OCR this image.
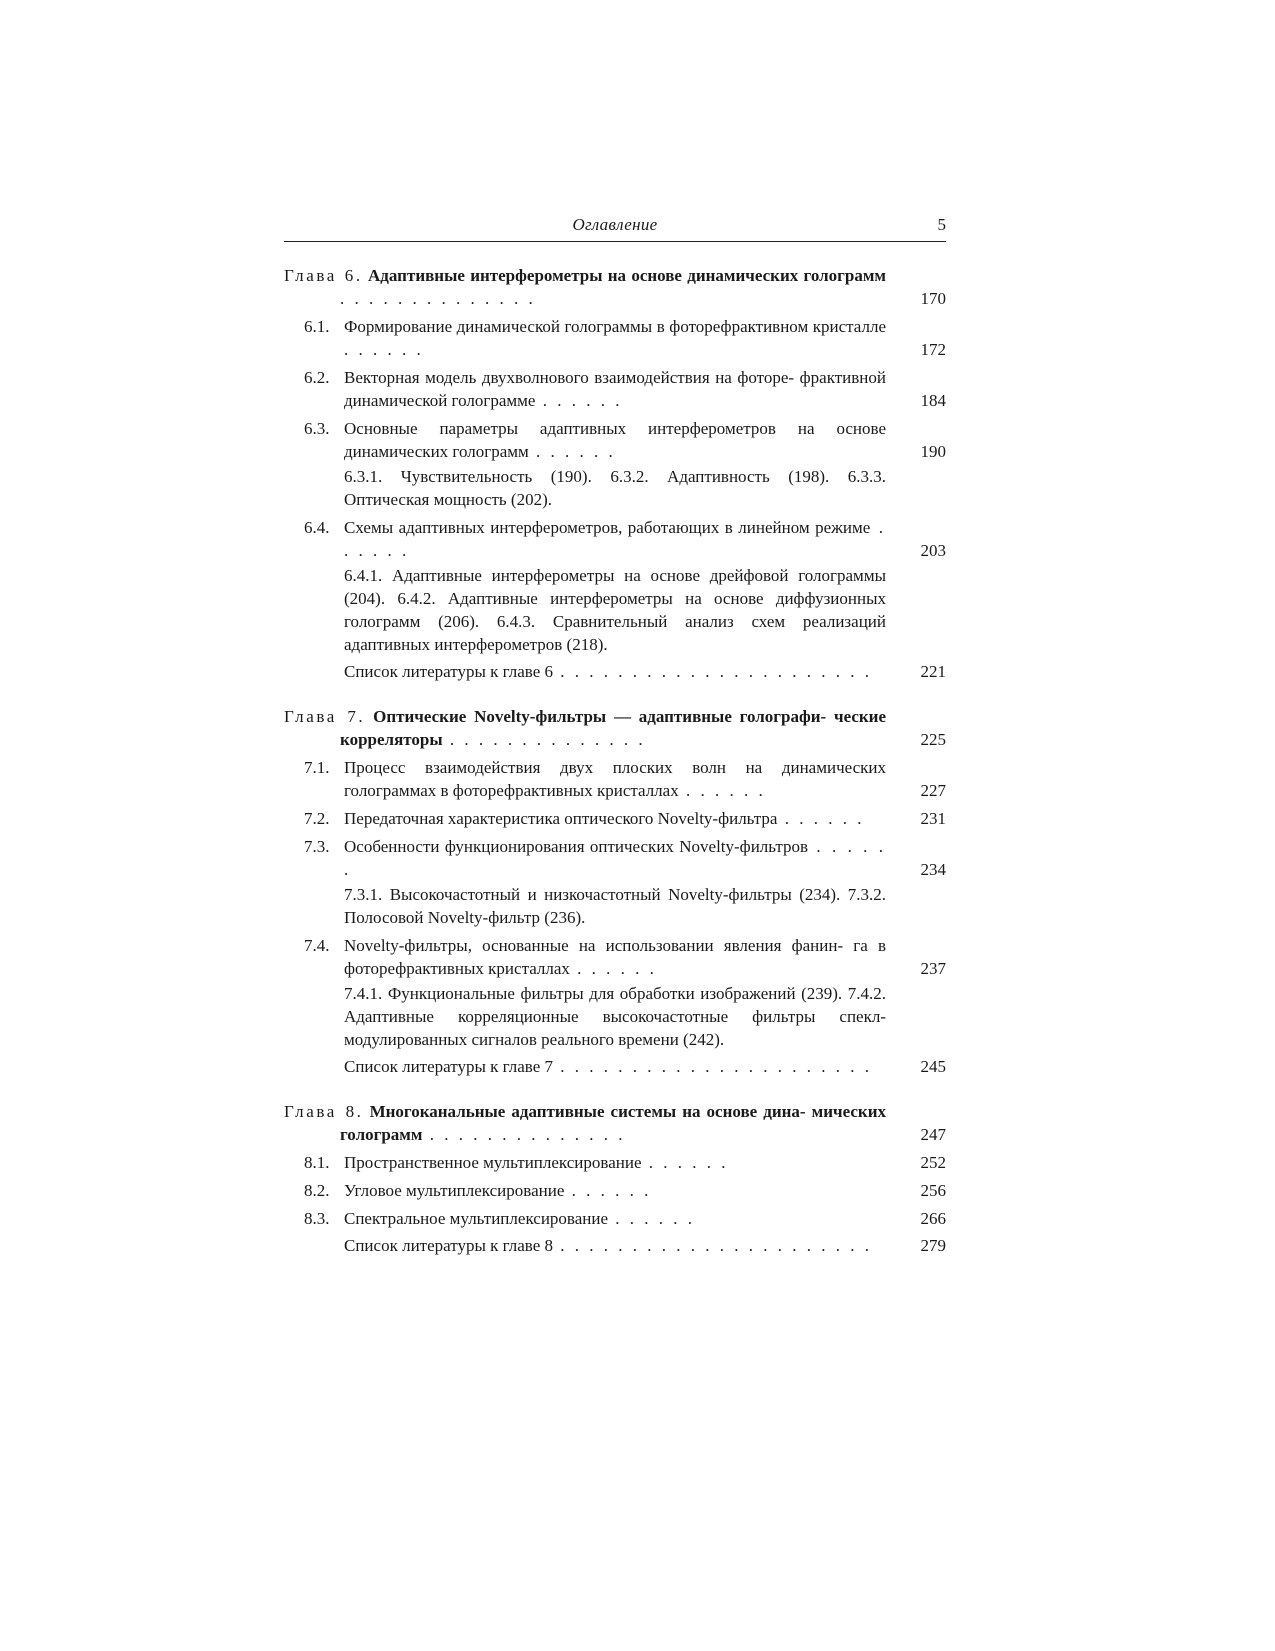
Оглавление	5
Глава 6. Адаптивные интерферометры на основе динамических голограмм . . . . . . . . . . . . . .	170
6.1. Формирование динамической голограммы в фоторефрактивном кристалле . . . . . .	172
6.2. Векторная модель двухволнового взаимодействия на фоторе- фрактивной динамической голограмме . . . . . .	184
6.3. Основные параметры адаптивных интерферометров на основе динамических голограмм . . . . . .	190
6.3.1. Чувствительность (190). 6.3.2. Адаптивность (198). 6.3.3. Оптическая мощность (202).
6.4. Схемы адаптивных интерферометров, работающих в линейном режиме . . . . . .	203
6.4.1. Адаптивные интерферометры на основе дрейфовой голограммы (204). 6.4.2. Адаптивные интерферометры на основе диффузионных голограмм (206). 6.4.3. Сравнительный анализ схем реализаций адаптивных интерферометров (218).
Список литературы к главе 6 . . . . . . . . . . . . . . . . . . . . . .	221
Глава 7. Оптические Novelty-фильтры — адаптивные голографи- ческие корреляторы . . . . . . . . . . . . . .	225
7.1. Процесс взаимодействия двух плоских волн на динамических голограммах в фоторефрактивных кристаллах . . . . . .	227
7.2. Передаточная характеристика оптического Novelty-фильтра . . . . . .	231
7.3. Особенности функционирования оптических Novelty-фильтров . . . . . .	234
7.3.1. Высокочастотный и низкочастотный Novelty-фильтры (234). 7.3.2. Полосовой Novelty-фильтр (236).
7.4. Novelty-фильтры, основанные на использовании явления фанин- га в фоторефрактивных кристаллах . . . . . .	237
7.4.1. Функциональные фильтры для обработки изображений (239). 7.4.2. Адаптивные корреляционные высокочастотные фильтры спекл-модулированных сигналов реального времени (242).
Список литературы к главе 7 . . . . . . . . . . . . . . . . . . . . . .	245
Глава 8. Многоканальные адаптивные системы на основе дина- мических голограмм . . . . . . . . . . . . . .	247
8.1. Пространственное мультиплексирование . . . . . .	252
8.2. Угловое мультиплексирование . . . . . .	256
8.3. Спектральное мультиплексирование . . . . . .	266
Список литературы к главе 8 . . . . . . . . . . . . . . . . . . . . . .	279
